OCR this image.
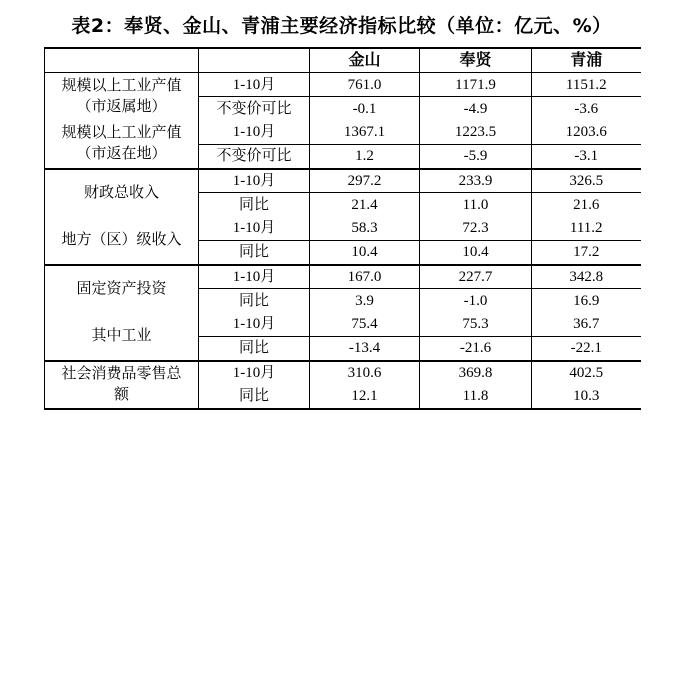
表2：奉贤、金山、青浦主要经济指标比较（单位：亿元、%）
		金山	奉贤	青浦

规模以上工业产值
（市返属地）	1-10月	761.0	1171.9	1151.2
	不变价可比	-0.1	-4.9	-3.6

规模以上工业产值
（市返在地）	1-10月	1367.1	1223.5	1203.6
	不变价可比	1.2	-5.9	-3.1

财政总收入	1-10月	297.2	233.9	326.5
	同比	21.4	11.0	21.6

地方（区）级收入	1-10月	58.3	72.3	111.2
	同比	10.4	10.4	17.2

固定资产投资	1-10月	167.0	227.7	342.8
	同比	3.9	-1.0	16.9

其中工业	1-10月	75.4	75.3	36.7
	同比	-13.4	-21.6	-22.1

社会消费品零售总
额	1-10月	310.6	369.8	402.5
	同比	12.1	11.8	10.3
